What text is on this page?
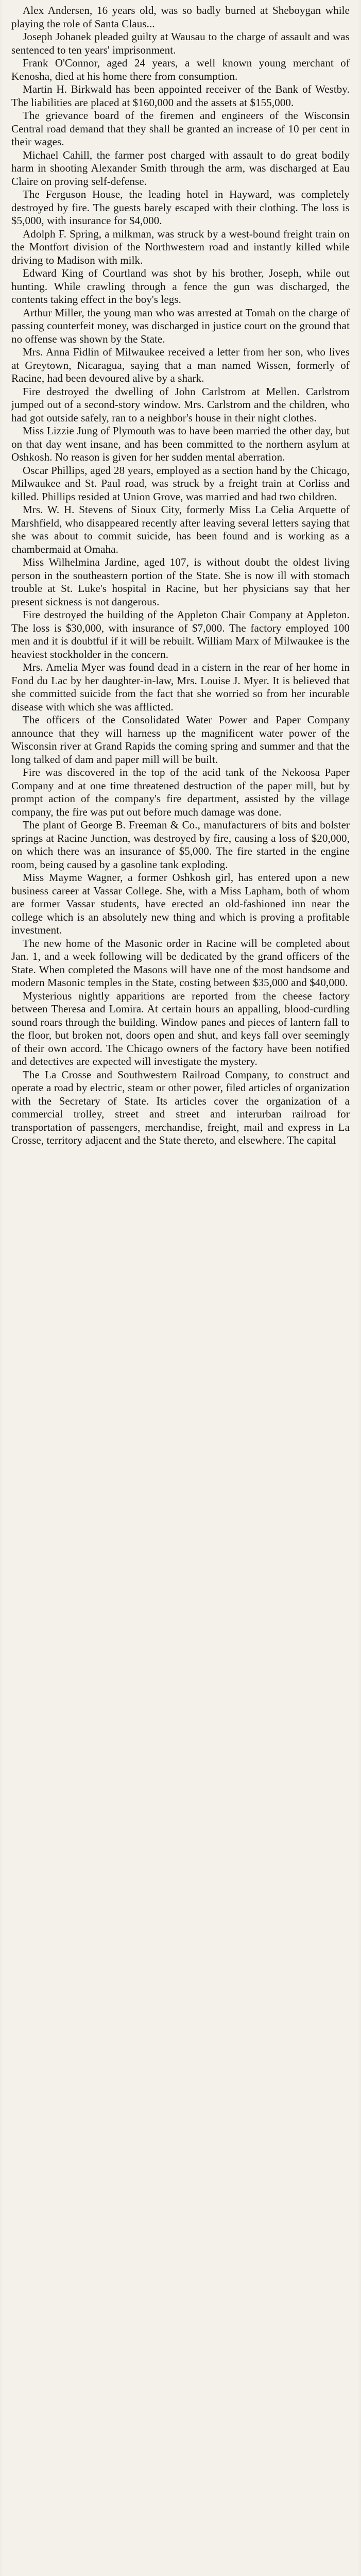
Alex Andersen, 16 years old, was so badly burned at Sheboygan while playing the role of Santa Claus...

Joseph Johanek pleaded guilty at Wausau to the charge of assault and was sentenced to ten years' imprisonment.

Frank O'Connor, aged 24 years, a well known young merchant of Kenosha, died at his home there from consumption.

Martin H. Birkwald has been appointed receiver of the Bank of Westby. The liabilities are placed at $160,000 and the assets at $155,000.

The grievance board of the firemen and engineers of the Wisconsin Central road demand that they shall be granted an increase of 10 per cent in their wages.

Michael Cahill, the farmer post charged with assault to do great bodily harm in shooting Alexander Smith through the arm, was discharged at Eau Claire on proving self-defense.

The Ferguson House, the leading hotel in Hayward, was completely destroyed by fire. The guests barely escaped with their clothing. The loss is $5,000, with insurance for $4,000.

Adolph F. Spring, a milkman, was struck by a west-bound freight train on the Montfort division of the Northwestern road and instantly killed while driving to Madison with milk.

Edward King of Courtland was shot by his brother, Joseph, while out hunting. While crawling through a fence the gun was discharged, the contents taking effect in the boy's legs.

Arthur Miller, the young man who was arrested at Tomah on the charge of passing counterfeit money, was discharged in justice court on the ground that no offense was shown by the State.

Mrs. Anna Fidlin of Milwaukee received a letter from her son, who lives at Greytown, Nicaragua, saying that a man named Wissen, formerly of Racine, had been devoured alive by a shark.

Fire destroyed the dwelling of John Carlstrom at Mellen. Carlstrom jumped out of a second-story window. Mrs. Carlstrom and the children, who had got outside safely, ran to a neighbor's house in their night clothes.

Miss Lizzie Jung of Plymouth was to have been married the other day, but on that day went insane, and has been committed to the northern asylum at Oshkosh. No reason is given for her sudden mental aberration.

Oscar Phillips, aged 28 years, employed as a section hand by the Chicago, Milwaukee and St. Paul road, was struck by a freight train at Corliss and killed. Phillips resided at Union Grove, was married and had two children.

Mrs. W. H. Stevens of Sioux City, formerly Miss La Celia Arquette of Marshfield, who disappeared recently after leaving several letters saying that she was about to commit suicide, has been found and is working as a chambermaid at Omaha.

Miss Wilhelmina Jardine, aged 107, is without doubt the oldest living person in the southeastern portion of the State. She is now ill with stomach trouble at St. Luke's hospital in Racine, but her physicians say that her present sickness is not dangerous.

Fire destroyed the building of the Appleton Chair Company at Appleton. The loss is $30,000, with insurance of $7,000. The factory employed 100 men and it is doubtful if it will be rebuilt. William Marx of Milwaukee is the heaviest stockholder in the concern.

Mrs. Amelia Myer was found dead in a cistern in the rear of her home in Fond du Lac by her daughter-in-law, Mrs. Louise J. Myer. It is believed that she committed suicide from the fact that she worried so from her incurable disease with which she was afflicted.

The officers of the Consolidated Water Power and Paper Company announce that they will harness up the magnificent water power of the Wisconsin river at Grand Rapids the coming spring and summer and that the long talked of dam and paper mill will be built.

Fire was discovered in the top of the acid tank of the Nekoosa Paper Company and at one time threatened destruction of the paper mill, but by prompt action of the company's fire department, assisted by the village company, the fire was put out before much damage was done.

The plant of George B. Freeman & Co., manufacturers of bits and bolster springs at Racine Junction, was destroyed by fire, causing a loss of $20,000, on which there was an insurance of $5,000. The fire started in the engine room, being caused by a gasoline tank exploding.

Miss Mayme Wagner, a former Oshkosh girl, has entered upon a new business career at Vassar College. She, with a Miss Lapham, both of whom are former Vassar students, have erected an old-fashioned inn near the college which is an absolutely new thing and which is proving a profitable investment.

The new home of the Masonic order in Racine will be completed about Jan. 1, and a week following will be dedicated by the grand officers of the State. When completed the Masons will have one of the most handsome and modern Masonic temples in the State, costing between $35,000 and $40,000.

Mysterious nightly apparitions are reported from the cheese factory between Theresa and Lomira. At certain hours an appalling, blood-curdling sound roars through the building. Window panes and pieces of lantern fall to the floor, but broken not, doors open and shut, and keys fall over seemingly of their own accord. The Chicago owners of the factory have been notified and detectives are expected will investigate the mystery.

The La Crosse and Southwestern Railroad Company, to construct and operate a road by electric, steam or other power, filed articles of organization with the Secretary of State. Its articles cover the organization of a commercial trolley, street and street and interurban railroad for transportation of passengers, merchandise, freight, mail and express in La Crosse, territory adjacent and the State thereto, and elsewhere. The capital
